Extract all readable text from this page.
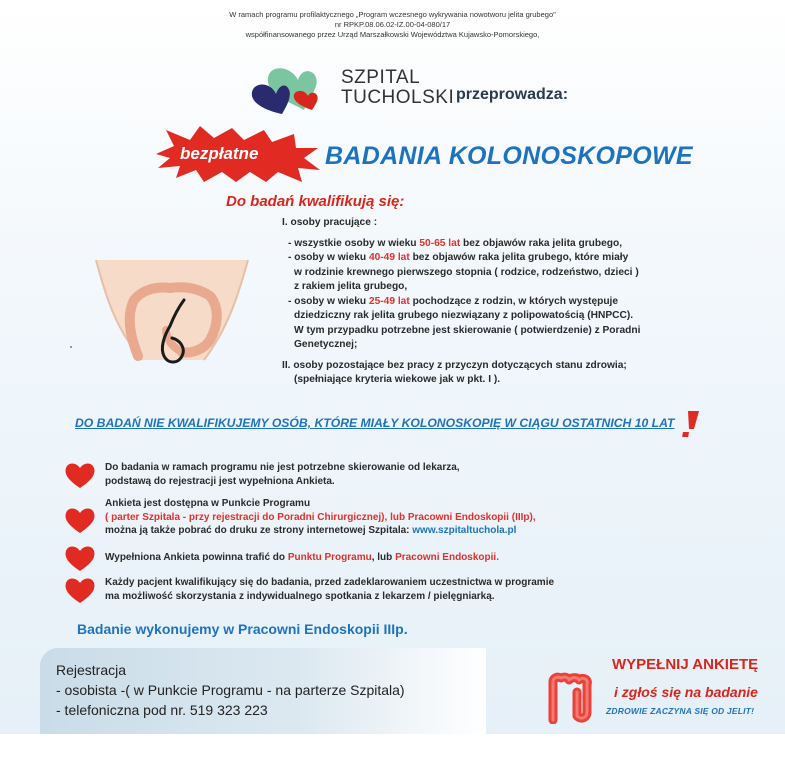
W ramach programu profilaktycznego „Program wczesnego wykrywania nowotworu jelita grubego"
nr RPKP.08.06.02-IZ.00-04-080/17
współfinansowanego przez Urząd Marszałkowski Województwa Kujawsko-Pomorskiego,
SZPITAL
TUCHOLSKI przeprowadza:
bezpłatne	BADANIA KOLONOSKOPOWE
Do badań kwalifikują się:
I. osoby pracujące :
- wszystkie osoby w wieku 50-65 lat bez objawów raka jelita grubego,
- osoby w wieku 40-49 lat bez objawów raka jelita grubego, które miały
w rodzinie krewnego pierwszego stopnia ( rodzice, rodzeństwo, dzieci )
z rakiem jelita grubego,
- osoby w wieku 25-49 lat pochodzące z rodzin, w których występuje
dziedziczny rak jelita grubego niezwiązany z polipowatością (HNPCC).
W tym przypadku potrzebne jest skierowanie ( potwierdzenie) z Poradni
Genetycznej;
II. osoby pozostające bez pracy z przyczyn dotyczących stanu zdrowia;
(spełniające kryteria wiekowe jak w pkt. I ).
DO BADAŃ NIE KWALIFIKUJEMY OSÓB, KTÓRE MIAŁY KOLONOSKOPIĘ W CIĄGU OSTATNICH 10 LAT
Do badania w ramach programu nie jest potrzebne skierowanie od lekarza,
podstawą do rejestracji jest wypełniona Ankieta.
Ankieta jest dostępna w Punkcie Programu
( parter Szpitala - przy rejestracji do Poradni Chirurgicznej), lub Pracowni Endoskopii (IIIp),
można ją także pobrać do druku ze strony internetowej Szpitala: www.szpitaltuchola.pl
Wypełniona Ankieta powinna trafić do Punktu Programu, lub Pracowni Endoskopii.
Każdy pacjent kwalifikujący się do badania, przed zadeklarowaniem uczestnictwa w programie
ma możliwość skorzystania z indywidualnego spotkania z lekarzem / pielęgniarką.
Badanie wykonujemy w Pracowni Endoskopii IIIp.
Rejestracja
- osobista -( w Punkcie Programu - na parterze Szpitala)
- telefoniczna pod nr. 519 323 223
WYPEŁNIJ ANKIETĘ
i zgłoś się na badanie
ZDROWIE ZACZYNA SIĘ OD JELIT!
